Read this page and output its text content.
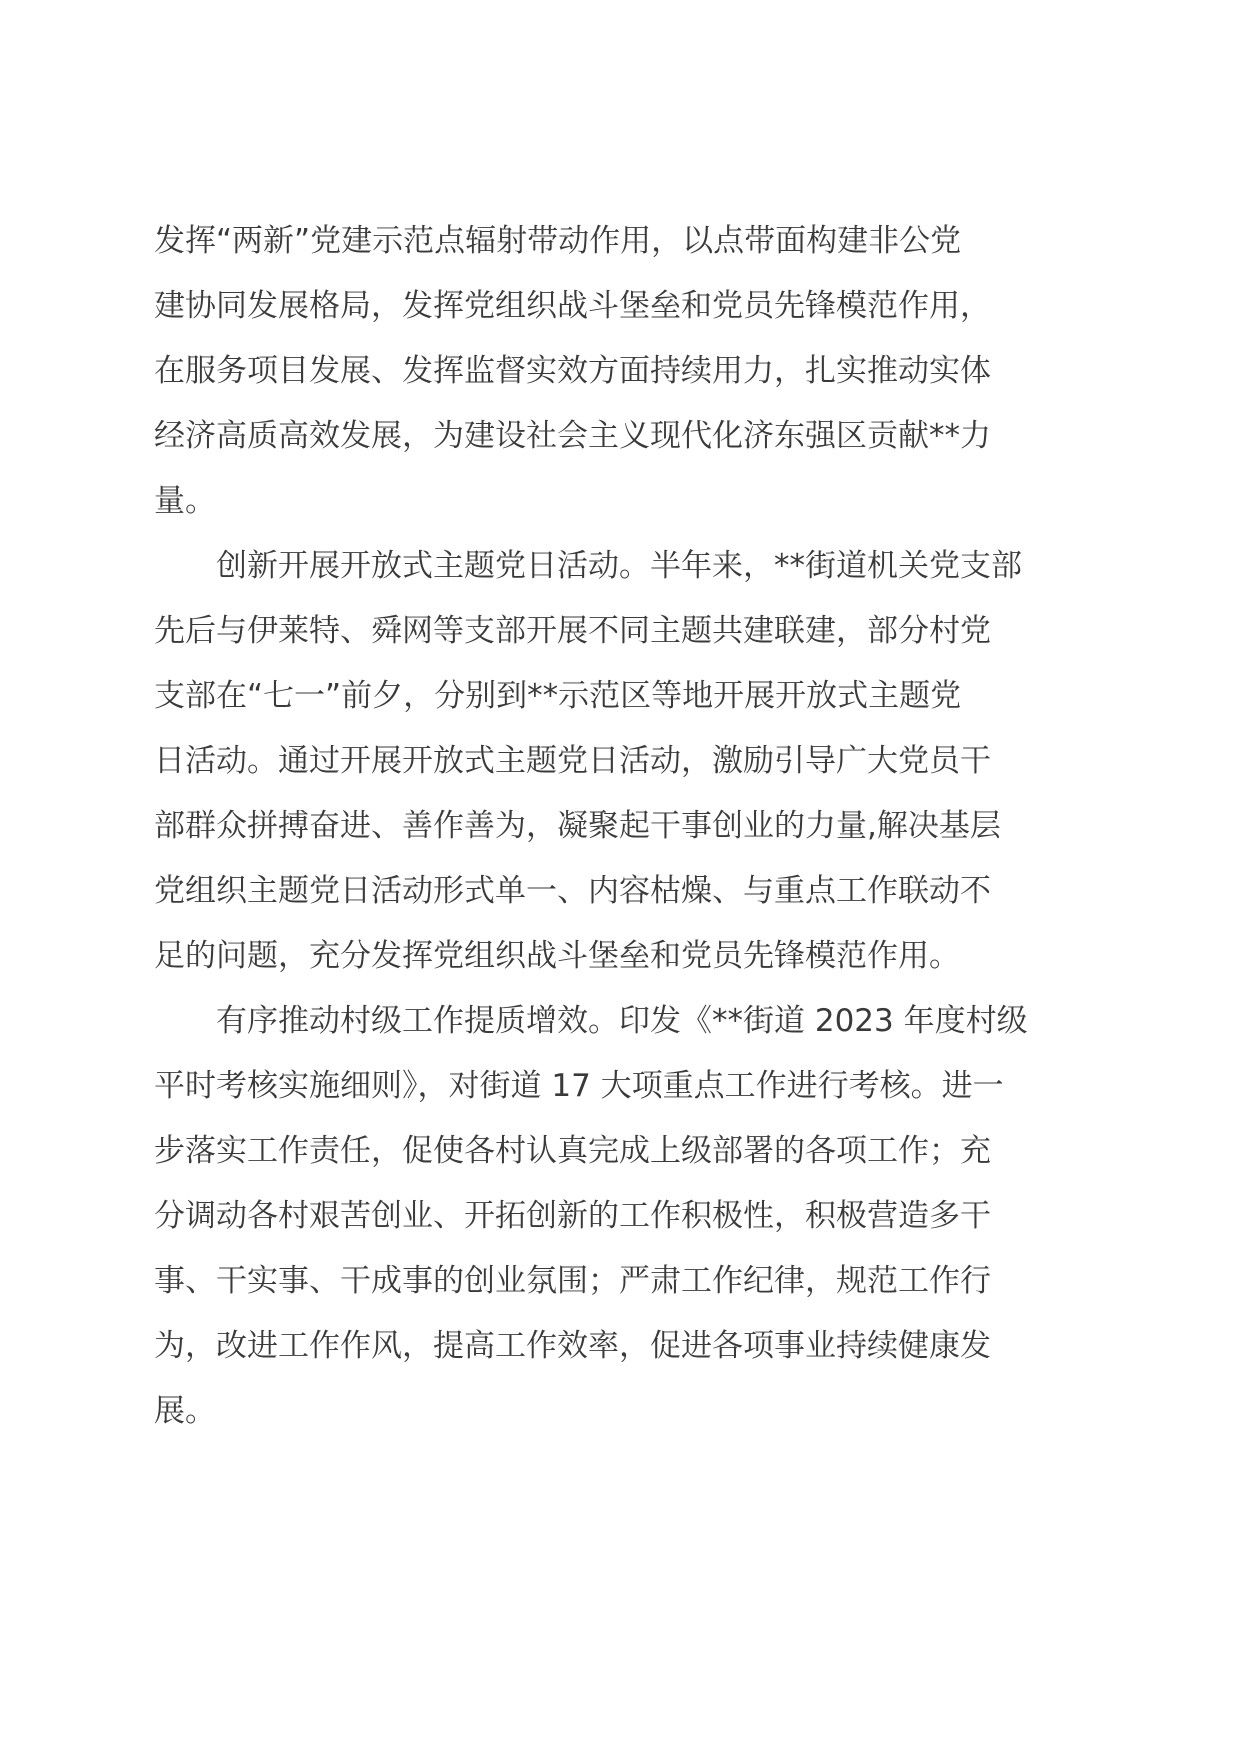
发挥“两新”党建示范点辐射带动作用，以点带面构建非公党
建协同发展格局，发挥党组织战斗堡垒和党员先锋模范作用，
在服务项目发展、发挥监督实效方面持续用力，扎实推动实体
经济高质高效发展，为建设社会主义现代化济东强区贡献**力
量。
　　创新开展开放式主题党日活动。半年来，**街道机关党支部
先后与伊莱特、舜网等支部开展不同主题共建联建，部分村党
支部在“七一”前夕，分别到**示范区等地开展开放式主题党
日活动。通过开展开放式主题党日活动，激励引导广大党员干
部群众拼搏奋进、善作善为，凝聚起干事创业的力量,解决基层
党组织主题党日活动形式单一、内容枯燥、与重点工作联动不
足的问题，充分发挥党组织战斗堡垒和党员先锋模范作用。
　　有序推动村级工作提质增效。印发《**街道 2023 年度村级
平时考核实施细则》，对街道 17 大项重点工作进行考核。进一
步落实工作责任，促使各村认真完成上级部署的各项工作；充
分调动各村艰苦创业、开拓创新的工作积极性，积极营造多干
事、干实事、干成事的创业氛围；严肃工作纪律，规范工作行
为，改进工作作风，提高工作效率，促进各项事业持续健康发
展。
